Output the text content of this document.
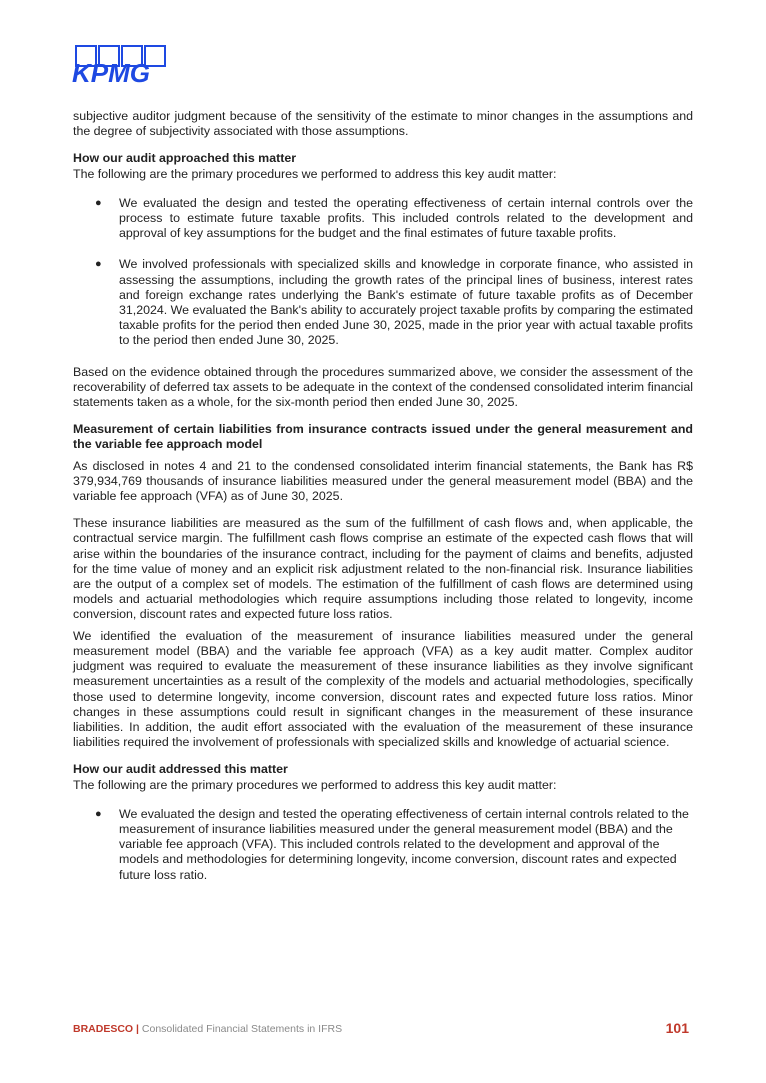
KPMG

subjective auditor judgment because of the sensitivity of the estimate to minor changes in the assumptions and the degree of subjectivity associated with those assumptions.

How our audit approached this matter

The following are the primary procedures we performed to address this key audit matter:

● We evaluated the design and tested the operating effectiveness of certain internal controls over the process to estimate future taxable profits. This included controls related to the development and approval of key assumptions for the budget and the final estimates of future taxable profits.
● We involved professionals with specialized skills and knowledge in corporate finance, who assisted in assessing the assumptions, including the growth rates of the principal lines of business, interest rates and foreign exchange rates underlying the Bank's estimate of future taxable profits as of December 31,2024. We evaluated the Bank's ability to accurately project taxable profits by comparing the estimated taxable profits for the period then ended June 30, 2025, made in the prior year with actual taxable profits to the period then ended June 30, 2025.

Based on the evidence obtained through the procedures summarized above, we consider the assessment of the recoverability of deferred tax assets to be adequate in the context of the condensed consolidated interim financial statements taken as a whole, for the six-month period then ended June 30, 2025.

Measurement of certain liabilities from insurance contracts issued under the general measurement and the variable fee approach model

As disclosed in notes 4 and 21 to the condensed consolidated interim financial statements, the Bank has R$ 379,934,769 thousands of insurance liabilities measured under the general measurement model (BBA) and the variable fee approach (VFA) as of June 30, 2025.

These insurance liabilities are measured as the sum of the fulfillment of cash flows and, when applicable, the contractual service margin. The fulfillment cash flows comprise an estimate of the expected cash flows that will arise within the boundaries of the insurance contract, including for the payment of claims and benefits, adjusted for the time value of money and an explicit risk adjustment related to the non-financial risk. Insurance liabilities are the output of a complex set of models. The estimation of the fulfillment of cash flows are determined using models and actuarial methodologies which require assumptions including those related to longevity, income conversion, discount rates and expected future loss ratios.

We identified the evaluation of the measurement of insurance liabilities measured under the general measurement model (BBA) and the variable fee approach (VFA) as a key audit matter. Complex auditor judgment was required to evaluate the measurement of these insurance liabilities as they involve significant measurement uncertainties as a result of the complexity of the models and actuarial methodologies, specifically those used to determine longevity, income conversion, discount rates and expected future loss ratios. Minor changes in these assumptions could result in significant changes in the measurement of these insurance liabilities. In addition, the audit effort associated with the evaluation of the measurement of these insurance liabilities required the involvement of professionals with specialized skills and knowledge of actuarial science.

How our audit addressed this matter

The following are the primary procedures we performed to address this key audit matter:

● We evaluated the design and tested the operating effectiveness of certain internal controls related to the measurement of insurance liabilities measured under the general measurement model (BBA) and the variable fee approach (VFA). This included controls related to the development and approval of the models and methodologies for determining longevity, income conversion, discount rates and expected future loss ratio.
BRADESCO | Consolidated Financial Statements in IFRS	101
